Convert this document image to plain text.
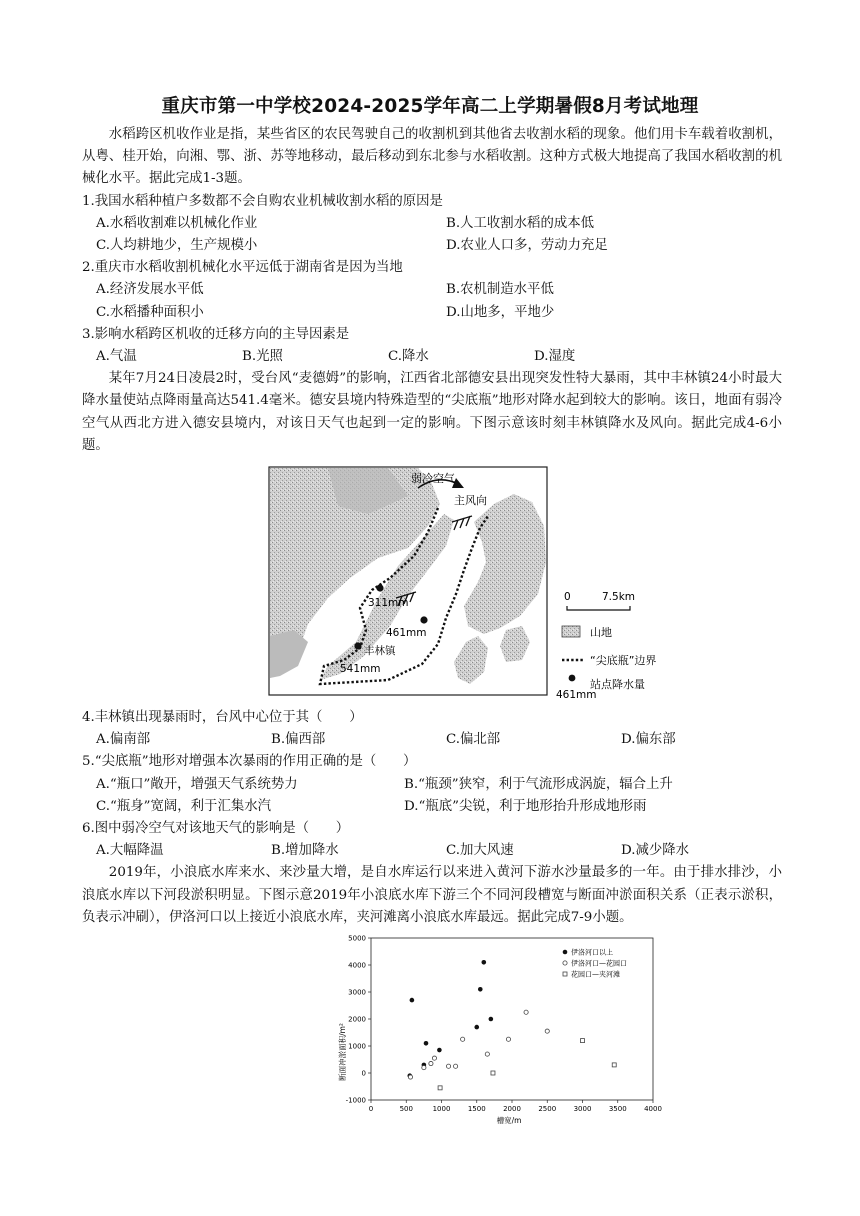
重庆市第一中学校2024-2025学年高二上学期暑假8月考试地理

水稻跨区机收作业是指，某些省区的农民驾驶自己的收割机到其他省去收割水稻的现象。他们用卡车载着收割机，从粤、桂开始，向湘、鄂、浙、苏等地移动，最后移动到东北参与水稻收割。这种方式极大地提高了我国水稻收割的机械化水平。据此完成1-3题。

1.我国水稻种植户多数都不会自购农业机械收割水稻的原因是

A.水稻收割难以机械化作业	B.人工收割水稻的成本低
C.人均耕地少，生产规模小	D.农业人口多，劳动力充足

2.重庆市水稻收割机械化水平远低于湖南省是因为当地

A.经济发展水平低	B.农机制造水平低
C.水稻播种面积小	D.山地多，平地少

3.影响水稻跨区机收的迁移方向的主导因素是

A.气温	B.光照	C.降水	D.湿度

某年7月24日凌晨2时，受台风“麦德姆”的影响，江西省北部德安县出现突发性特大暴雨，其中丰林镇24小时最大降水量使站点降雨量高达541.4毫米。德安县境内特殊造型的“尖底瓶”地形对降水起到较大的影响。该日，地面有弱冷空气从西北方进入德安县境内，对该日天气也起到一定的影响。下图示意该时刻丰林镇降水及风向。据此完成4-6小题。

4.丰林镇出现暴雨时，台风中心位于其（　　）

A.偏南部	B.偏西部	C.偏北部	D.偏东部

5.“尖底瓶”地形对增强本次暴雨的作用正确的是（　　）

A.“瓶口”敞开，增强天气系统势力	B.“瓶颈”狭窄，利于气流形成涡旋，辐合上升
C.“瓶身”宽阔，利于汇集水汽	D.“瓶底”尖锐，利于地形抬升形成地形雨

6.图中弱冷空气对该地天气的影响是（　　）

A.大幅降温	B.增加降水	C.加大风速	D.减少降水

2019年，小浪底水库来水、来沙量大增，是自水库运行以来进入黄河下游水沙量最多的一年。由于排水排沙，小浪底水库以下河段淤积明显。下图示意2019年小浪底水库下游三个不同河段槽宽与断面冲淤面积关系（正表示淤积，负表示冲刷），伊洛河口以上接近小浪底水库，夹河滩离小浪底水库最远。据此完成7-9小题。

弱冷空气
主风向
311mm
461mm
丰林镇
541mm
0	7.5km
山地
“尖底瓶”边界
站点降水量
461mm
断面冲淤面积/m²
槽宽/m
0	500	1000 1500 2000 2500 3000 3500 4000
-1000
0
1000
2000
3000
4000
5000
伊洛河口以上
伊洛河口—花园口
花园口—夹河滩
